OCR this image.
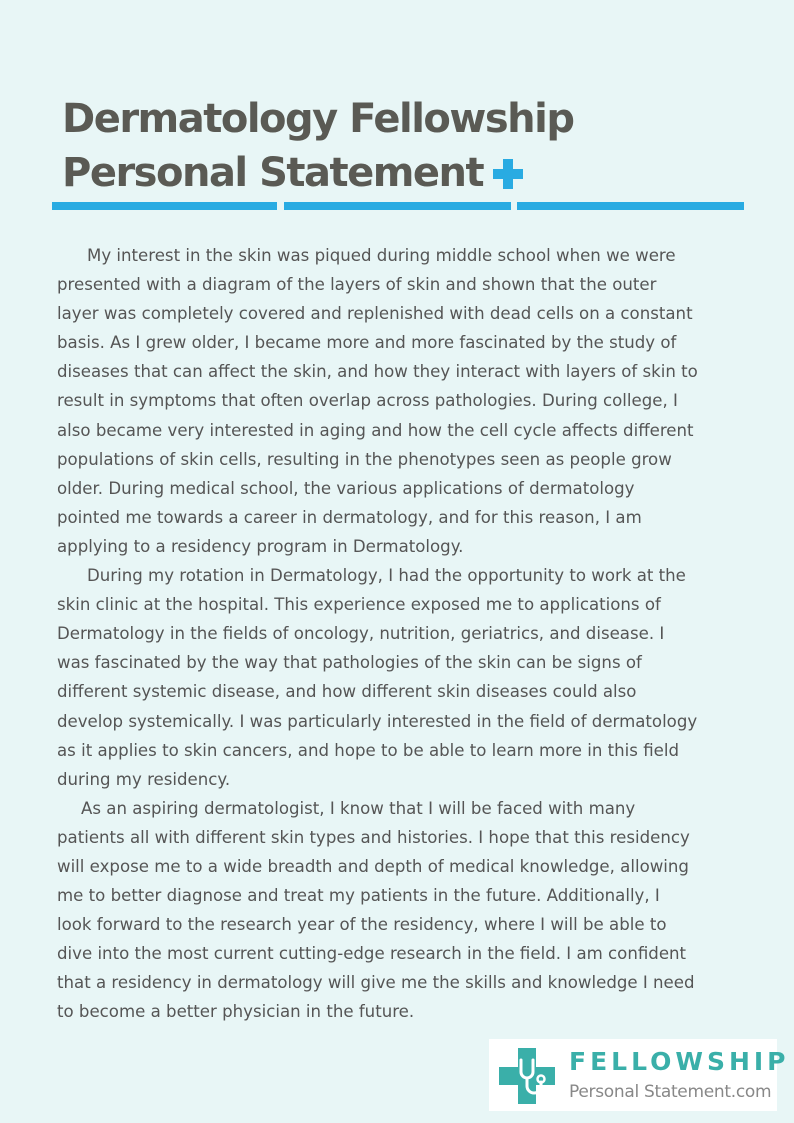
Dermatology Fellowship Personal Statement
My interest in the skin was piqued during middle school when we were
presented with a diagram of the layers of skin and shown that the outer
layer was completely covered and replenished with dead cells on a constant
basis. As I grew older, I became more and more fascinated by the study of
diseases that can affect the skin, and how they interact with layers of skin to
result in symptoms that often overlap across pathologies. During college, I
also became very interested in aging and how the cell cycle affects different
populations of skin cells, resulting in the phenotypes seen as people grow
older. During medical school, the various applications of dermatology
pointed me towards a career in dermatology, and for this reason, I am
applying to a residency program in Dermatology.
During my rotation in Dermatology, I had the opportunity to work at the
skin clinic at the hospital. This experience exposed me to applications of
Dermatology in the fields of oncology, nutrition, geriatrics, and disease. I
was fascinated by the way that pathologies of the skin can be signs of
different systemic disease, and how different skin diseases could also
develop systemically. I was particularly interested in the field of dermatology
as it applies to skin cancers, and hope to be able to learn more in this field
during my residency.
As an aspiring dermatologist, I know that I will be faced with many
patients all with different skin types and histories. I hope that this residency
will expose me to a wide breadth and depth of medical knowledge, allowing
me to better diagnose and treat my patients in the future. Additionally, I
look forward to the research year of the residency, where I will be able to
dive into the most current cutting-edge research in the field. I am confident
that a residency in dermatology will give me the skills and knowledge I need
to become a better physician in the future.
FELLOWSHIP
Personal Statement.com
